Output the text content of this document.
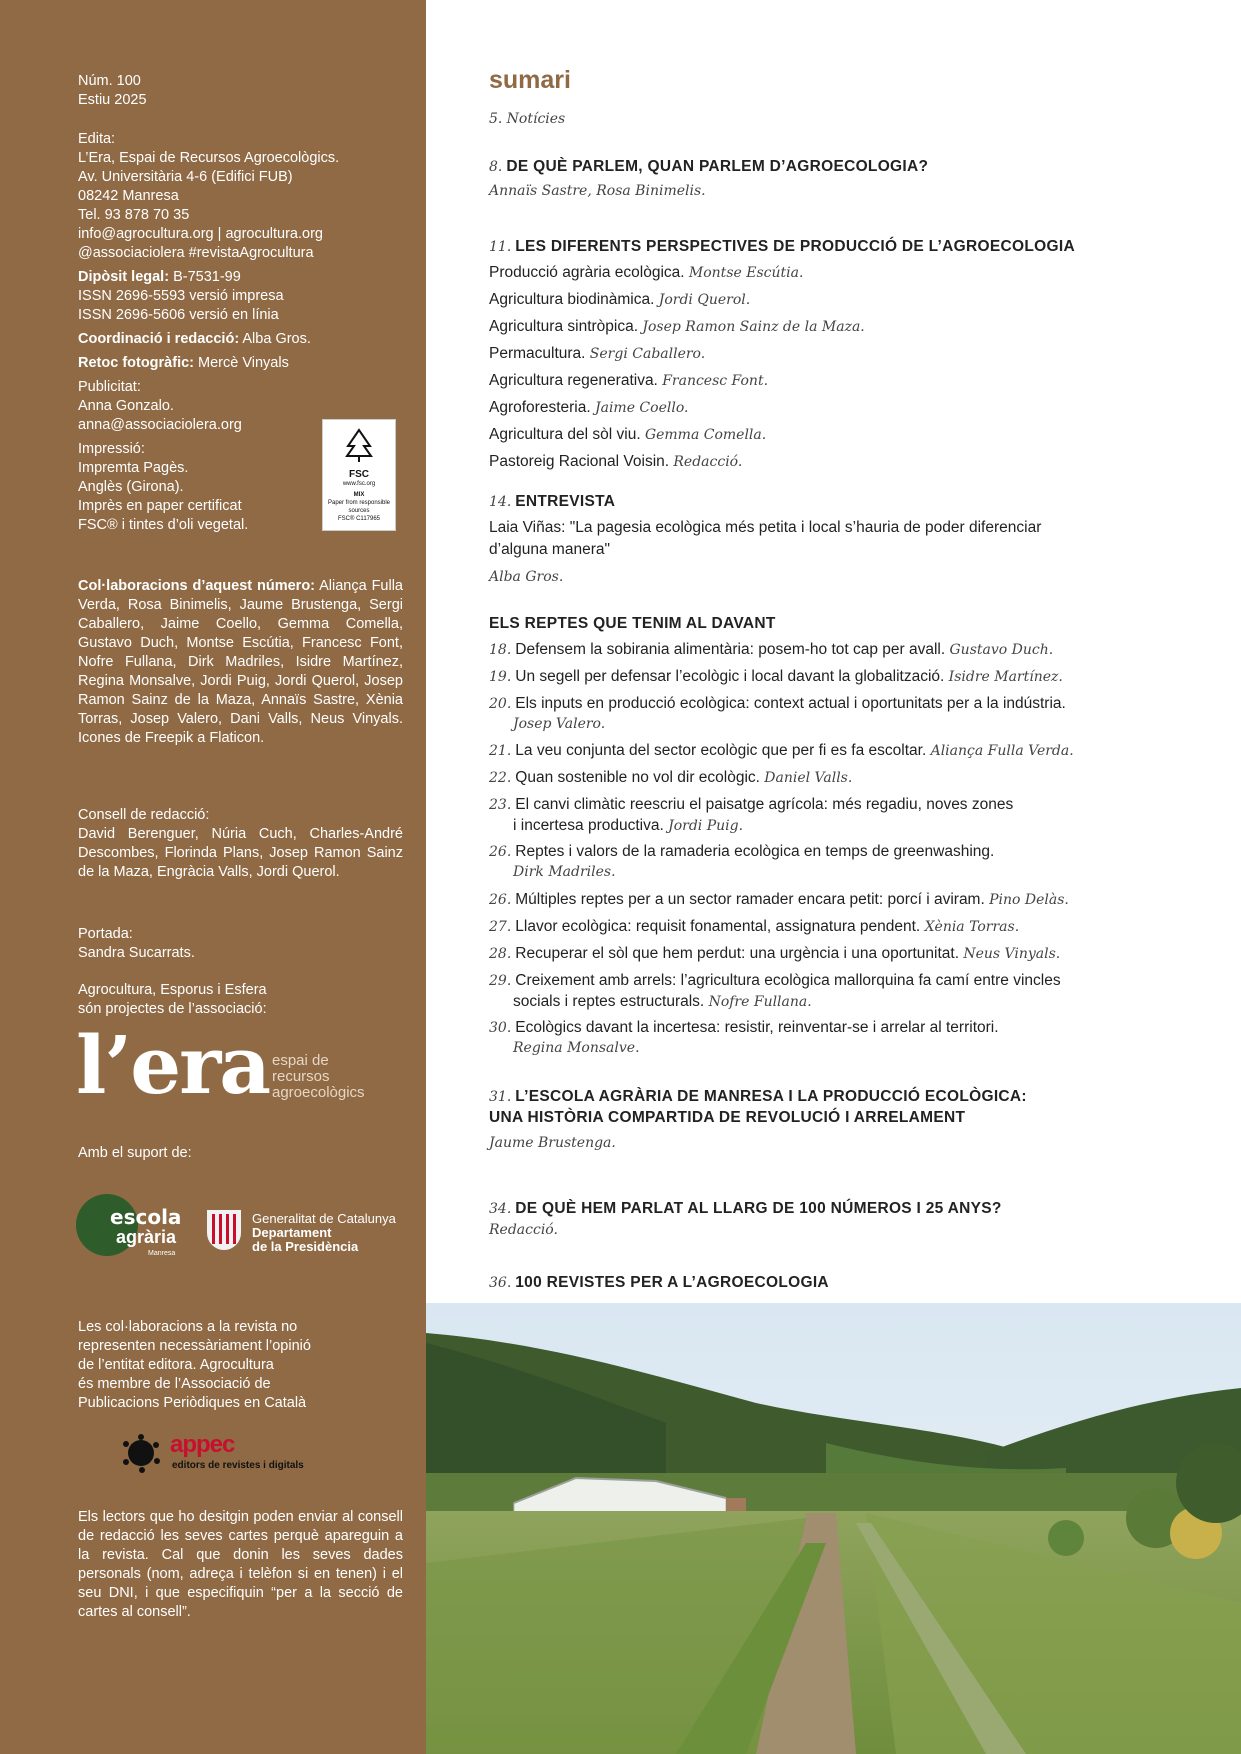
Núm. 100
Estiu 2025
Edita:
L’Era, Espai de Recursos Agroecològics.
Av. Universitària 4-6 (Edifici FUB)
08242 Manresa
Tel. 93 878 70 35
info@agrocultura.org | agrocultura.org
@associaciolera #revistaAgrocultura
Dipòsit legal: B-7531-99
ISSN 2696-5593 versió impresa
ISSN 2696-5606 versió en línia
Coordinació i redacció: Alba Gros.
Retoc fotogràfic: Mercè Vinyals
Publicitat:
Anna Gonzalo.
anna@associaciolera.org
Impressió:
Impremta Pagès.
Anglès (Girona).
Imprès en paper certificat
FSC® i tintes d’oli vegetal.
FSC
www.fsc.org
MIX
Paper from responsible sources
FSC® C117965
Col·laboracions d’aquest número: Aliança Fulla Verda, Rosa Binimelis, Jaume Brustenga, Sergi Caballero, Jaime Coello, Gemma Comella, Gustavo Duch, Montse Escútia, Francesc Font, Nofre Fullana, Dirk Madriles, Isidre Martínez, Regina Monsalve, Jordi Puig, Jordi Querol, Josep Ramon Sainz de la Maza, Annaïs Sastre, Xènia Torras, Josep Valero, Dani Valls, Neus Vinyals. Icones de Freepik a Flaticon.
Consell de redacció:
David Berenguer, Núria Cuch, Charles-André Descombes, Florinda Plans, Josep Ramon Sainz de la Maza, Engràcia Valls, Jordi Querol.
Portada:
Sandra Sucarrats.
Agrocultura, Esporus i Esfera
són projectes de l’associació:
l’era espai de
recursos
agroecològics
Amb el suport de:
escola
agrària
Manresa
Generalitat de Catalunya
Departament
de la Presidència
Les col·laboracions a la revista no
representen necessàriament l’opinió
de l’entitat editora. Agrocultura
és membre de l’Associació de
Publicacions Periòdiques en Català
appec
editors de revistes i digitals
Els lectors que ho desitgin poden enviar al consell de redacció les seves cartes perquè apareguin a la revista. Cal que donin les seves dades personals (nom, adreça i telèfon si en tenen) i el seu DNI, i que especifiquin “per a la secció de cartes al consell”.
sumari
5. Notícies
8. DE QUÈ PARLEM, QUAN PARLEM D’AGROECOLOGIA?
Annaïs Sastre, Rosa Binimelis.
11. LES DIFERENTS PERSPECTIVES DE PRODUCCIÓ DE L’AGROECOLOGIA
Producció agrària ecològica. Montse Escútia.
Agricultura biodinàmica. Jordi Querol.
Agricultura sintròpica. Josep Ramon Sainz de la Maza.
Permacultura. Sergi Caballero.
Agricultura regenerativa. Francesc Font.
Agroforesteria. Jaime Coello.
Agricultura del sòl viu. Gemma Comella.
Pastoreig Racional Voisin. Redacció.
14. ENTREVISTA
Laia Viñas: "La pagesia ecològica més petita i local s’hauria de poder diferenciar
d’alguna manera"
Alba Gros.
ELS REPTES QUE TENIM AL DAVANT
18. Defensem la sobirania alimentària: posem-ho tot cap per avall. Gustavo Duch.
19. Un segell per defensar l’ecològic i local davant la globalització. Isidre Martínez.
20. Els inputs en producció ecològica: context actual i oportunitats per a la indústria.
Josep Valero.
21. La veu conjunta del sector ecològic que per fi es fa escoltar. Aliança Fulla Verda.
22. Quan sostenible no vol dir ecològic. Daniel Valls.
23. El canvi climàtic reescriu el paisatge agrícola: més regadiu, noves zones
i incertesa productiva. Jordi Puig.
26. Reptes i valors de la ramaderia ecològica en temps de greenwashing.
Dirk Madriles.
26. Múltiples reptes per a un sector ramader encara petit: porcí i aviram. Pino Delàs.
27. Llavor ecològica: requisit fonamental, assignatura pendent. Xènia Torras.
28. Recuperar el sòl que hem perdut: una urgència i una oportunitat. Neus Vinyals.
29. Creixement amb arrels: l’agricultura ecològica mallorquina fa camí entre vincles
socials i reptes estructurals. Nofre Fullana.
30. Ecològics davant la incertesa: resistir, reinventar-se i arrelar al territori.
Regina Monsalve.
31. L’ESCOLA AGRÀRIA DE MANRESA I LA PRODUCCIÓ ECOLÒGICA:
UNA HISTÒRIA COMPARTIDA DE REVOLUCIÓ I ARRELAMENT
Jaume Brustenga.
34. DE QUÈ HEM PARLAT AL LLARG DE 100 NÚMEROS I 25 ANYS?
Redacció.
36. 100 REVISTES PER A L’AGROECOLOGIA
